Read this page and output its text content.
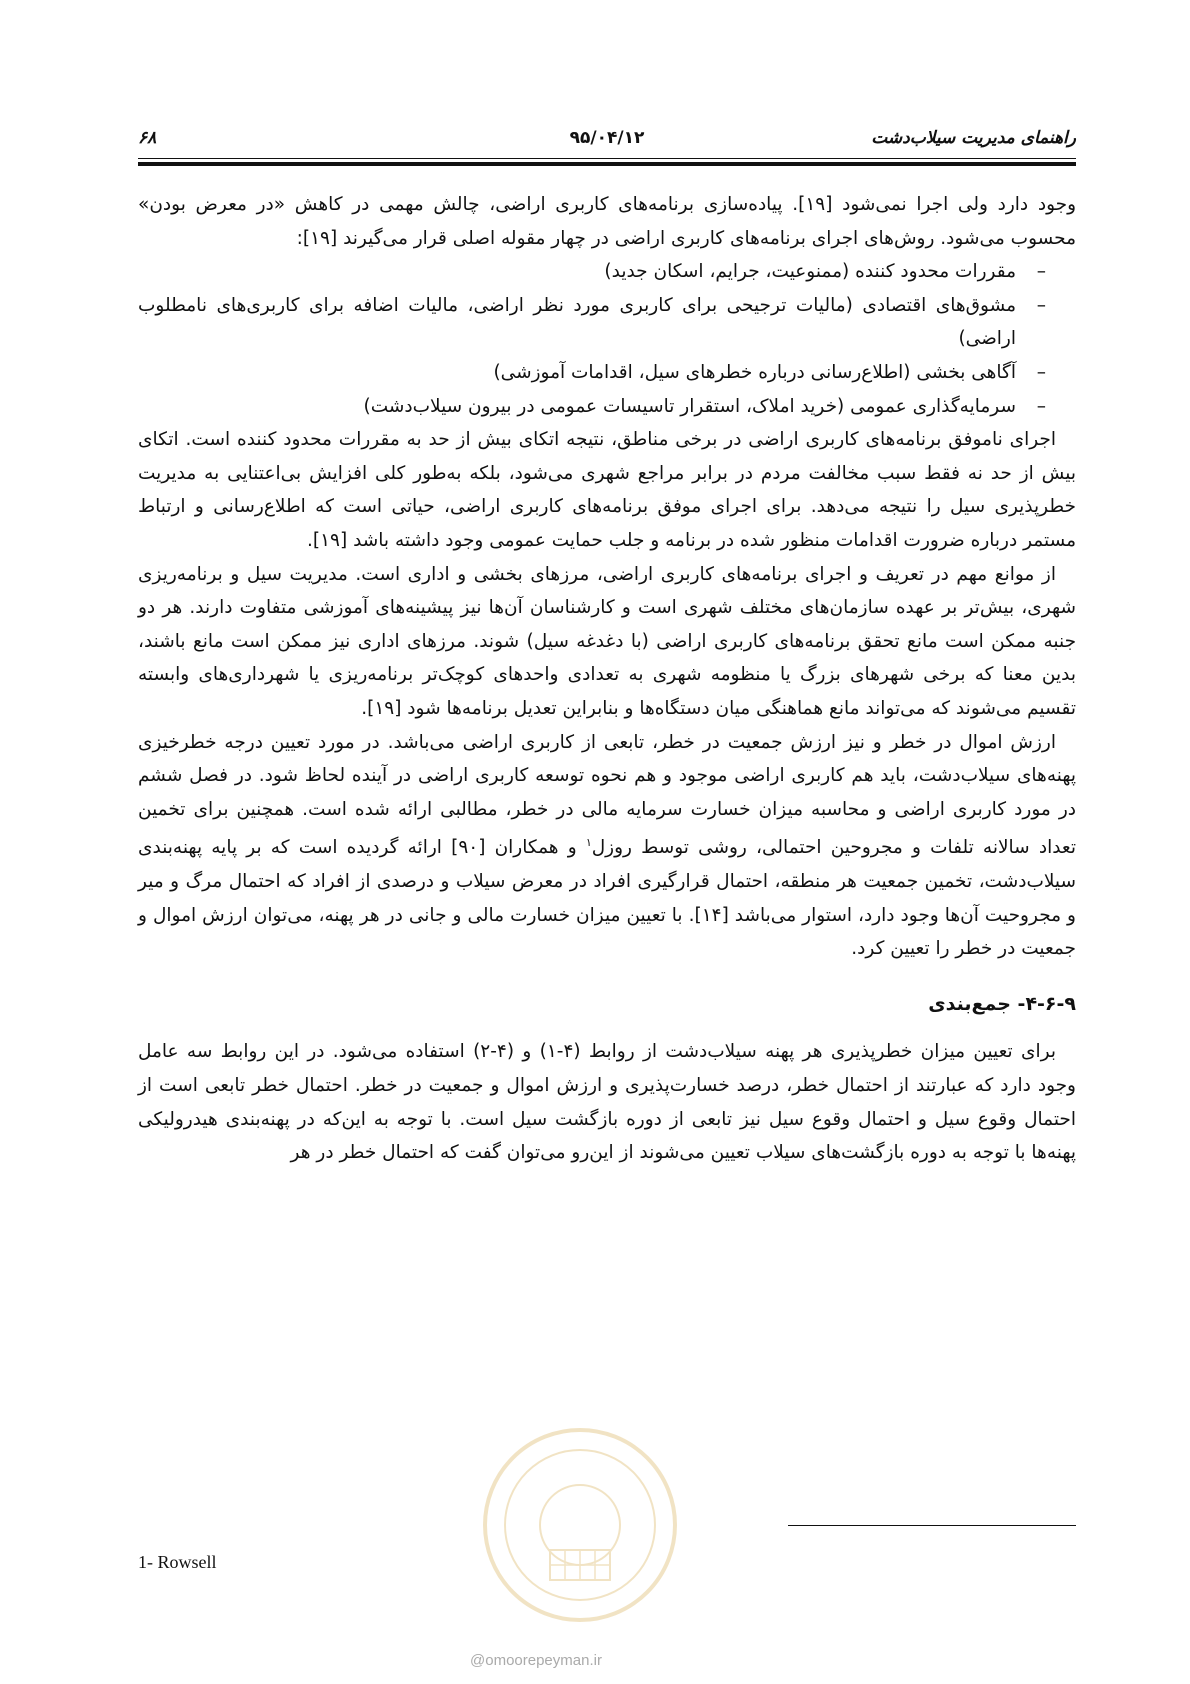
راهنمای مدیریت سیلاب‌دشت
۹۵/۰۴/۱۲
۶۸

وجود دارد ولی اجرا نمی‌شود [۱۹]. پیاده‌سازی برنامه‌های کاربری اراضی، چالش مهمی در کاهش «در معرض بودن» محسوب می‌شود. روش‌های اجرای برنامه‌های کاربری اراضی در چهار مقوله اصلی قرار می‌گیرند [۱۹]:

–
مقررات محدود کننده (ممنوعیت، جرایم، اسکان جدید)
–
مشوق‌های اقتصادی (مالیات ترجیحی برای کاربری مورد نظر اراضی، مالیات اضافه برای کاربری‌های نامطلوب اراضی)
–
آگاهی بخشی (اطلاع‌رسانی درباره خطرهای سیل، اقدامات آموزشی)
–
سرمایه‌گذاری عمومی (خرید املاک، استقرار تاسیسات عمومی در بیرون سیلاب‌دشت)

اجرای ناموفق برنامه‌های کاربری اراضی در برخی مناطق، نتیجه اتکای بیش از حد به مقررات محدود کننده است. اتکای بیش از حد نه فقط سبب مخالفت مردم در برابر مراجع شهری می‌شود، بلکه به‌طور کلی افزایش بی‌اعتنایی به مدیریت خطرپذیری سیل را نتیجه می‌دهد. برای اجرای موفق برنامه‌های کاربری اراضی، حیاتی است که اطلاع‌رسانی و ارتباط مستمر درباره ضرورت اقدامات منظور شده در برنامه و جلب حمایت عمومی وجود داشته باشد [۱۹].

از موانع مهم در تعریف و اجرای برنامه‌های کاربری اراضی، مرزهای بخشی و اداری است. مدیریت سیل و برنامه‌ریزی شهری، بیش‌تر بر عهده سازمان‌های مختلف شهری است و کارشناسان آن‌ها نیز پیشینه‌های آموزشی متفاوت دارند. هر دو جنبه ممکن است مانع تحقق برنامه‌های کاربری اراضی (با دغدغه سیل) شوند. مرزهای اداری نیز ممکن است مانع باشند، بدین معنا که برخی شهرهای بزرگ یا منظومه شهری به تعدادی واحدهای کوچک‌تر برنامه‌ریزی یا شهرداری‌های وابسته تقسیم می‌شوند که می‌تواند مانع هماهنگی میان دستگاه‌ها و بنابراین تعدیل برنامه‌ها شود [۱۹].

ارزش اموال در خطر و نیز ارزش جمعیت در خطر، تابعی از کاربری اراضی می‌باشد. در مورد تعیین درجه خطرخیزی پهنه‌های سیلاب‌دشت، باید هم کاربری اراضی موجود و هم نحوه توسعه کاربری اراضی در آینده لحاظ شود. در فصل ششم در مورد کاربری اراضی و محاسبه میزان خسارت سرمایه مالی در خطر، مطالبی ارائه شده است. همچنین برای تخمین تعداد سالانه تلفات و مجروحین احتمالی، روشی توسط روزل$^۱$ و همکاران [۹۰] ارائه گردیده است که بر پایه پهنه‌بندی سیلاب‌دشت، تخمین جمعیت هر منطقه، احتمال قرارگیری افراد در معرض سیلاب و درصدی از افراد که احتمال مرگ و میر و مجروحیت آن‌ها وجود دارد، استوار می‌باشد [۱۴]. با تعیین میزان خسارت مالی و جانی در هر پهنه، می‌توان ارزش اموال و جمعیت در خطر را تعیین کرد.

۴-۶-۹- جمع‌بندی

برای تعیین میزان خطرپذیری هر پهنه سیلاب‌دشت از روابط (۴-۱) و (۴-۲) استفاده می‌شود. در این روابط سه عامل وجود دارد که عبارتند از احتمال خطر، درصد خسارت‌پذیری و ارزش اموال و جمعیت در خطر. احتمال خطر تابعی است از احتمال وقوع سیل و احتمال وقوع سیل نیز تابعی از دوره بازگشت سیل است. با توجه به این‌که در پهنه‌بندی هیدرولیکی پهنه‌ها با توجه به دوره بازگشت‌های سیلاب تعیین می‌شوند از این‌رو می‌توان گفت که احتمال خطر در هر

1- Rowsell
@omoorepeyman.ir
